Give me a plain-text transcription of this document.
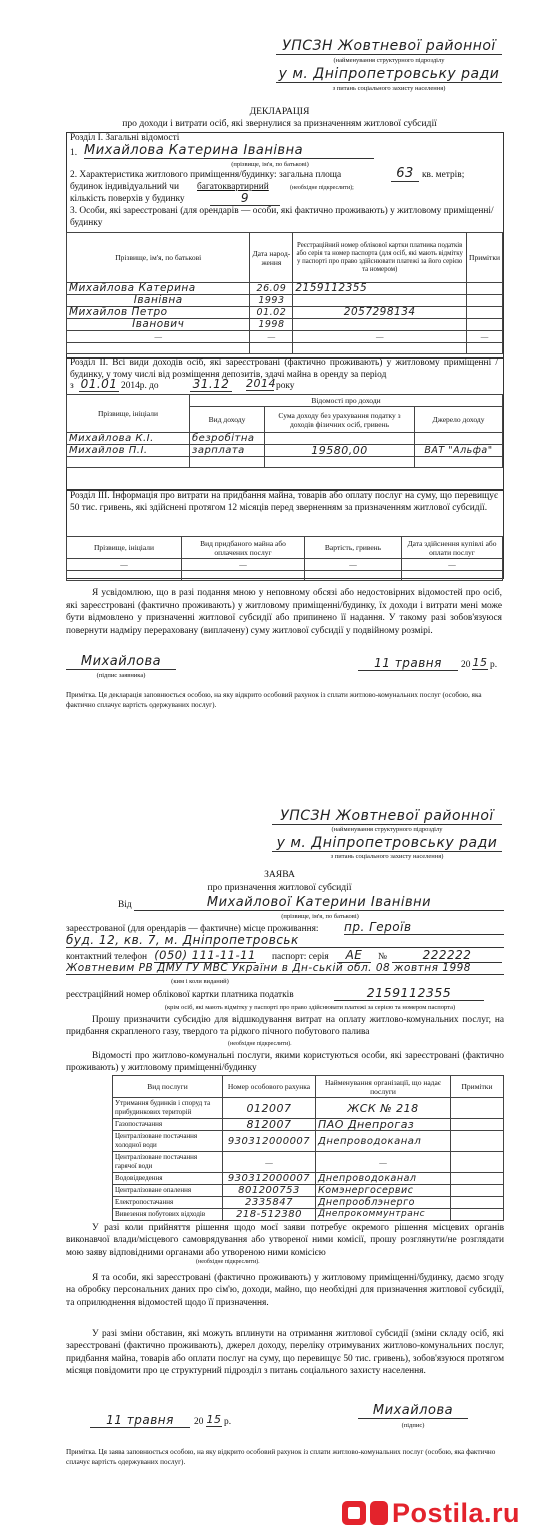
УПСЗН Жовтневої районної
(найменування структурного підрозділу
у м. Дніпропетровську ради
з питань соціального захисту населення)
ДЕКЛАРАЦІЯ
про доходи і витрати осіб, які звернулися за призначенням житлової субсидії
Розділ I. Загальні відомості
1. Михайлова Катерина Іванівна
(прізвище, ім'я, по батькові)
2. Характеристика житлового приміщення/будинку: загальна площа	63 кв. метрів;
будинок індивідуальний чи багатоквартирний	(необхідне підкреслити);
кількість поверхів у будинку	9
3. Особи, які зареєстровані (для орендарів — особи, які фактично проживають) у житловому приміщенні/будинку
Прізвище, ім'я, по батькові	Дата народ-ження	Реєстраційний номер облікової картки платника податків або серія та номер паспорта (для осіб, які мають відмітку у паспорті про право здійснювати платежі за його серією та номером)	Примітки
Михайлова Катерина	26.09	2159112355	
Іванівна	1993		
Михайлов Петро	01.02	2057298134	
Іванович	1998		
—	—	—	—

Розділ II. Всі види доходів осіб, які зареєстровані (фактично проживають) у житловому приміщенні /будинку, у тому числі від розміщення депозитів, здачі майна в оренду за період
з 01.01 2014р. до	31.12 2014 року
Прізвище, ініціали	Відомості про доходи		
	Вид доходу	Сума доходу без урахування податку з доходів фізичних осіб, гривень	Джерело доходу
Михайлова К.І.	безробітна		
Михайлов П.І.	зарплата	19580,00	ВАТ "Альфа"

Розділ III. Інформація про витрати на придбання майна, товарів або оплату послуг на суму, що перевищує 50 тис. гривень, які здійснені протягом 12 місяців перед зверненням за призначенням житлової субсидії.
Прізвище, ініціали	Вид придбаного майна або оплачених послуг	Вартість, гривень	Дата здійснення купівлі або оплати послуг
—	—	—	—

Я усвідомлюю, що в разі подання мною у неповному обсязі або недостовірних відомостей про осіб, які зареєстровані (фактично проживають) у житловому приміщенні/будинку, їх доходи і витрати мені може бути відмовлено у призначенні житлової субсидії або припинено її надання. У такому разі зобов'язуюся повернути надміру перераховану (виплачену) суму житлової субсидії у подвійному розмірі.
Михайлова
(підпис заявника)
11 травня	20 15 р.
Примітка. Ця декларація заповнюється особою, на яку відкрито особовий рахунок із сплати житлово-комунальних послуг (особою, яка фактично сплачує вартість одержуваних послуг).
УПСЗН Жовтневої районної
(найменування структурного підрозділу
у м. Дніпропетровську ради
з питань соціального захисту населення)
ЗАЯВА
про призначення житлової субсидії
Від	Михайлової Катерини Іванівни
(прізвище, ім'я, по батькові)
зареєстрованої (для орендарів — фактичне) місце проживання: пр. Героїв
буд. 12, кв. 7, м. Дніпропетровськ
контактний телефон (050) 111-11-11 паспорт: серія	АЕ	№	222222
Жовтневим РВ ДМУ ГУ МВС України в Дн-ській обл. 08 жовтня 1998
(ким і коли виданий)
реєстраційний номер облікової картки платника податків	2159112355
(крім осіб, які мають відмітку у паспорті про право здійснювати платежі за серією та номером паспорта)
Прошу призначити субсидію для відшкодування витрат на оплату житлово-комунальних послуг, на придбання скрапленого газу, твердого та рідкого пічного побутового палива
(необхідне підкреслити).
Відомості про житлово-комунальні послуги, якими користуються особи, які зареєстровані (фактично проживають) у житловому приміщенні/будинку
Вид послуги	Номер особового рахунка	Найменування організації, що надає послуги	Примітки
Утримання будинків і споруд та прибудинкових територій	012007	ЖСК № 218	
Газопостачання	812007	ПАО Днепрогаз	
Централізоване постачання холодної води	930312000007	Днепроводоканал	
Централізоване постачання гарячої води	—	—	
Водовідведення	930312000007	Днепроводоканал	
Централізоване опалення	801200753	Комэнергосервис	
Електропостачання	2335847	Днепрооблэнерго	
Вивезення побутових відходів	218-512380	Днепрокоммунтранс	
У разі коли прийняття рішення щодо моєї заяви потребує окремого рішення місцевих органів виконавчої влади/місцевого самоврядування або утвореної ними комісії, прошу розглянути/не розглядати мою заяву відповідними органами або утвореною ними комісією
(необхідне підкреслити).
Я та особи, які зареєстровані (фактично проживають) у житловому приміщенні/будинку, даємо згоду на обробку персональних даних про сім'ю, доходи, майно, що необхідні для призначення житлової субсидії, та оприлюднення відомостей щодо її призначення.
У разі зміни обставин, які можуть вплинути на отримання житлової субсидії (зміни складу осіб, які зареєстровані (фактично проживають), джерел доходу, переліку отримуваних житлово-комунальних послуг, придбання майна, товарів або оплати послуг на суму, що перевищує 50 тис. гривень), зобов'язуюся протягом місяця повідомити про це структурний підрозділ з питань соціального захисту населення.
11 травня	20 15 р.
Михайлова
(підпис)
Примітка. Ця заява заповнюється особою, на яку відкрито особовий рахунок із сплати житлово-комунальних послуг (особою, яка фактично сплачує вартість одержуваних послуг).
Postila.ru
